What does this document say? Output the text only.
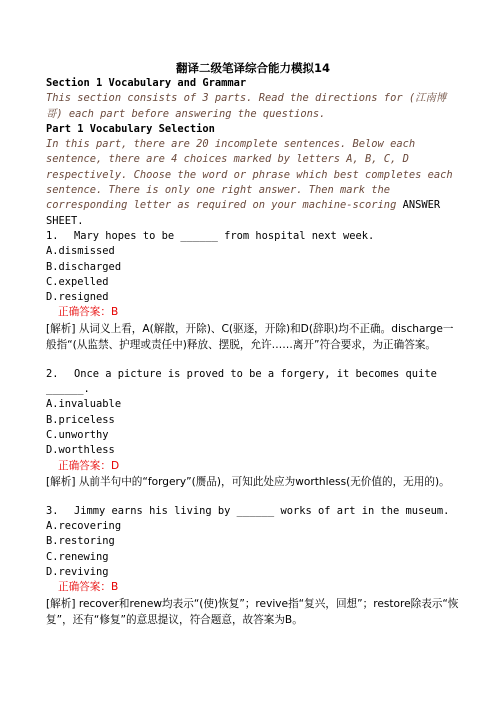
翻译二级笔译综合能力模拟14
Section 1 Vocabulary and Grammar
This section consists of 3 parts. Read the directions for (江南博哥) each part before answering the questions.
Part 1 Vocabulary Selection
In this part, there are 20 incomplete sentences. Below each sentence, there are 4 choices marked by letters A, B, C, D respectively. Choose the word or phrase which best completes each sentence. There is only one right answer. Then mark the corresponding letter as required on your machine-scoring ANSWER SHEET.
1. Mary hopes to be ______ from hospital next week.
A.dismissed
B.discharged
C.expelled
D.resigned
正确答案：B
[解析] 从词义上看，A(解散，开除)、C(驱逐，开除)和D(辞职)均不正确。discharge一般指“(从监禁、护理或责任中)释放、摆脱，允许……离开”符合要求，为正确答案。
2. Once a picture is proved to be a forgery, it becomes quite ______.
A.invaluable
B.priceless
C.unworthy
D.worthless
正确答案：D
[解析] 从前半句中的“forgery”(赝品)，可知此处应为worthless(无价值的，无用的)。
3. Jimmy earns his living by ______ works of art in the museum.
A.recovering
B.restoring
C.renewing
D.reviving
正确答案：B
[解析] recover和renew均表示“(使)恢复”；revive指“复兴，回想”；restore除表示“恢复”，还有“修复”的意思提议，符合题意，故答案为B。
